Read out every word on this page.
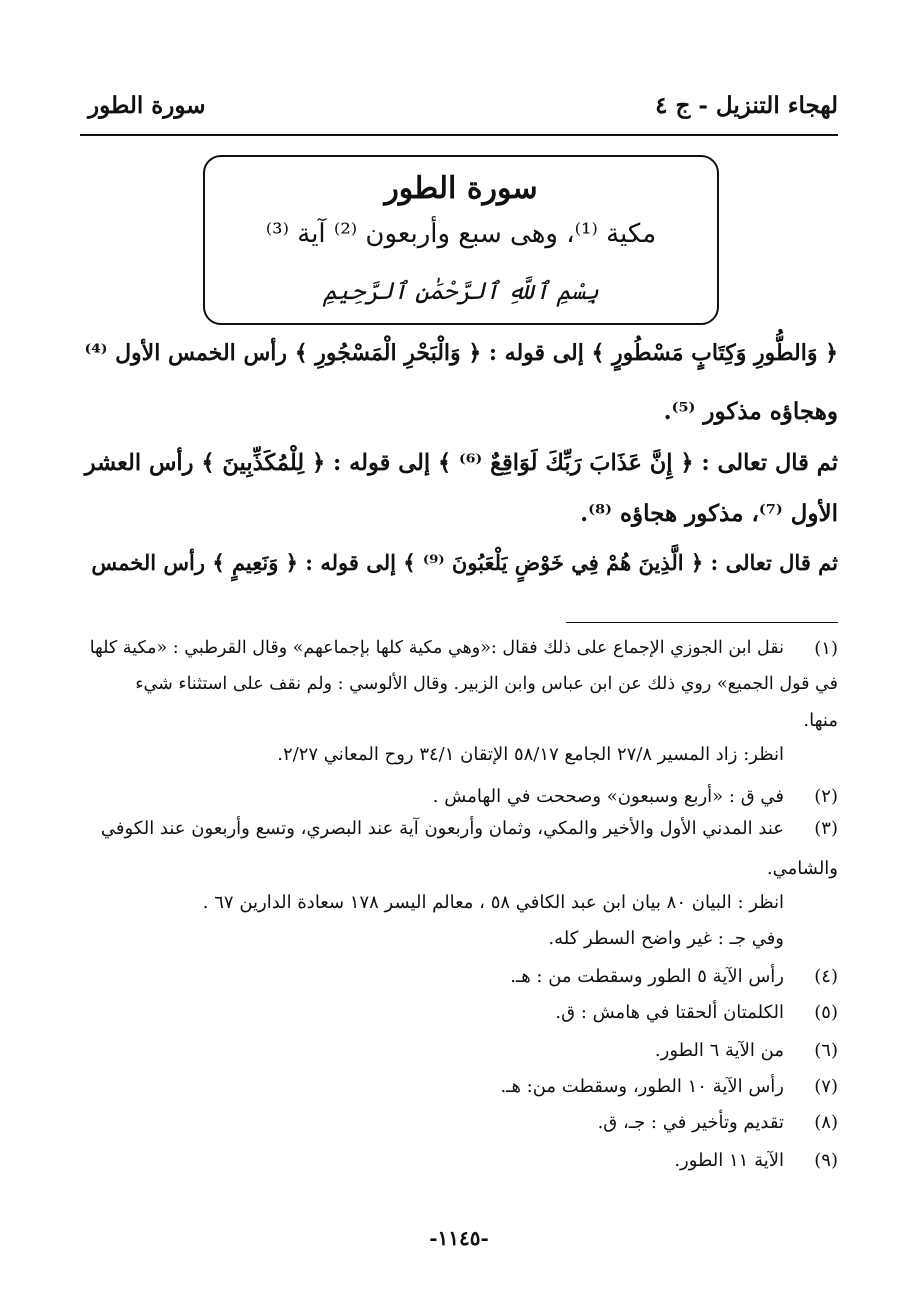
لهجاء التنزيل - ج ٤
سورة الطور
سورة الطور
مكية ⁽¹⁾، وهى سبع وأربعون ⁽²⁾ آية ⁽³⁾
بِسْمِ ٱللَّهِ ٱلرَّحْمَٰنِ ٱلرَّحِيمِ
﴿ وَالطُّورِ وَكِتَابٍ مَسْطُورٍ ﴾ إلى قوله : ﴿ وَالْبَحْرِ الْمَسْجُورِ ﴾ رأس الخمس الأول ⁽⁴⁾
وهجاؤه مذكور ⁽⁵⁾.
ثم قال تعالى : ﴿ إِنَّ عَذَابَ رَبِّكَ لَوَاقِعٌ ⁽⁶⁾ ﴾ إلى قوله : ﴿ لِلْمُكَذِّبِينَ ﴾ رأس العشر
الأول ⁽⁷⁾، مذكور هجاؤه ⁽⁸⁾.
ثم قال تعالى : ﴿ الَّذِينَ هُمْ فِي خَوْضٍ يَلْعَبُونَ ⁽⁹⁾ ﴾ إلى قوله : ﴿ وَنَعِيمٍ ﴾ رأس الخمس
(١)
نقل ابن الجوزي الإجماع على ذلك فقال :«وهي مكية كلها بإجماعهم» وقال القرطبي : «مكية كلها
في قول الجميع» روي ذلك عن ابن عباس وابن الزبير. وقال الألوسي : ولم نقف على استثناء شيء
منها.
انظر: زاد المسير ٢٧/٨ الجامع ٥٨/١٧ الإتقان ٣٤/١ روح المعاني ٢/٢٧.
(٢)
في ق : «أربع وسبعون» وصححت في الهامش .
(٣)
عند المدني الأول والأخير والمكي، وثمان وأربعون آية عند البصري، وتسع وأربعون عند الكوفي
والشامي.
انظر : البيان ٨٠ بيان ابن عبد الكافي ٥٨ ، معالم اليسر ١٧٨ سعادة الدارين ٦٧ .
وفي جـ : غير واضح السطر كله.
(٤)
رأس الآية ٥ الطور وسقطت من : هـ.
(٥)
الكلمتان ألحقتا في هامش : ق.
(٦)
من الآية ٦ الطور.
(٧)
رأس الآية ١٠ الطور، وسقطت من: هـ.
(٨)
تقديم وتأخير في : جـ، ق.
(٩)
الآية ١١ الطور.
-١١٤٥-
